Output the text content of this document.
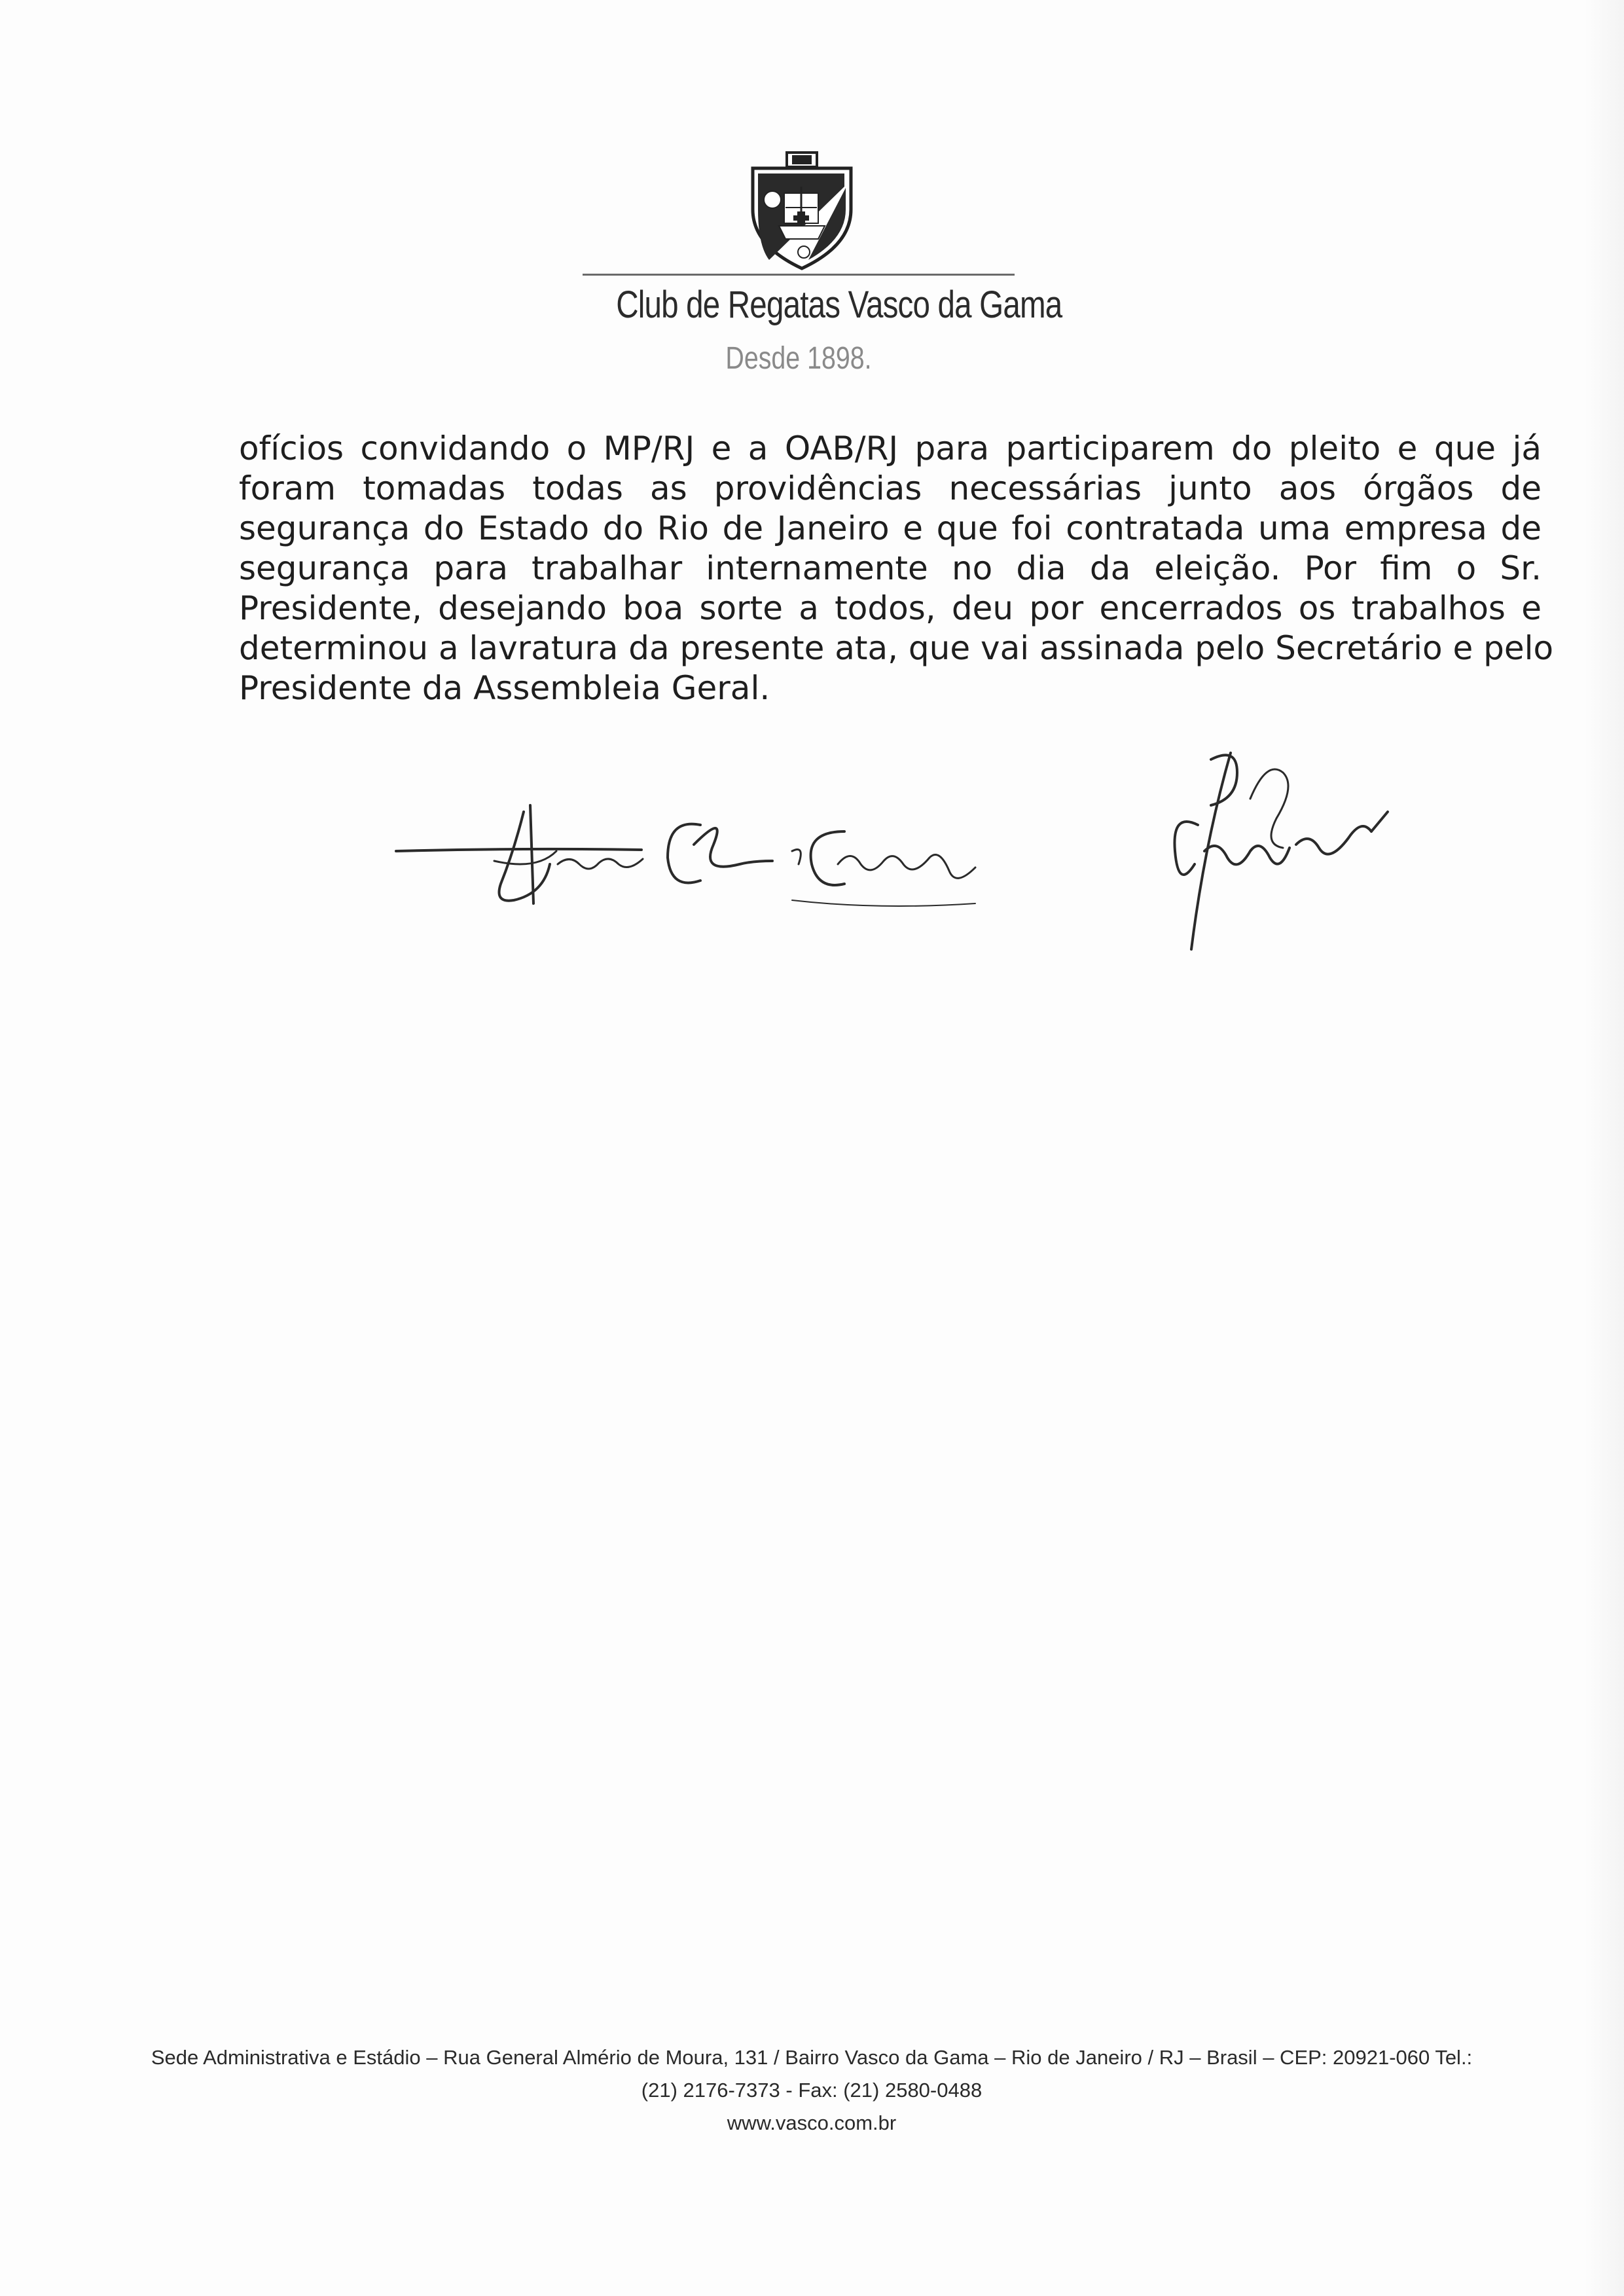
Club de Regatas Vasco da Gama
Desde 1898.
ofícios convidando o MP/RJ e a OAB/RJ para participarem do pleito e que já
foram tomadas todas as providências necessárias junto aos órgãos de
segurança do Estado do Rio de Janeiro e que foi contratada uma empresa de
segurança para trabalhar internamente no dia da eleição. Por fim o Sr.
Presidente, desejando boa sorte a todos, deu por encerrados os trabalhos e
determinou a lavratura da presente ata, que vai assinada pelo Secretário e pelo
Presidente da Assembleia Geral.
Sede Administrativa e Estádio – Rua General Almério de Moura, 131 / Bairro Vasco da Gama – Rio de Janeiro / RJ – Brasil – CEP: 20921-060 Tel.:
(21) 2176-7373 - Fax: (21) 2580-0488
www.vasco.com.br
